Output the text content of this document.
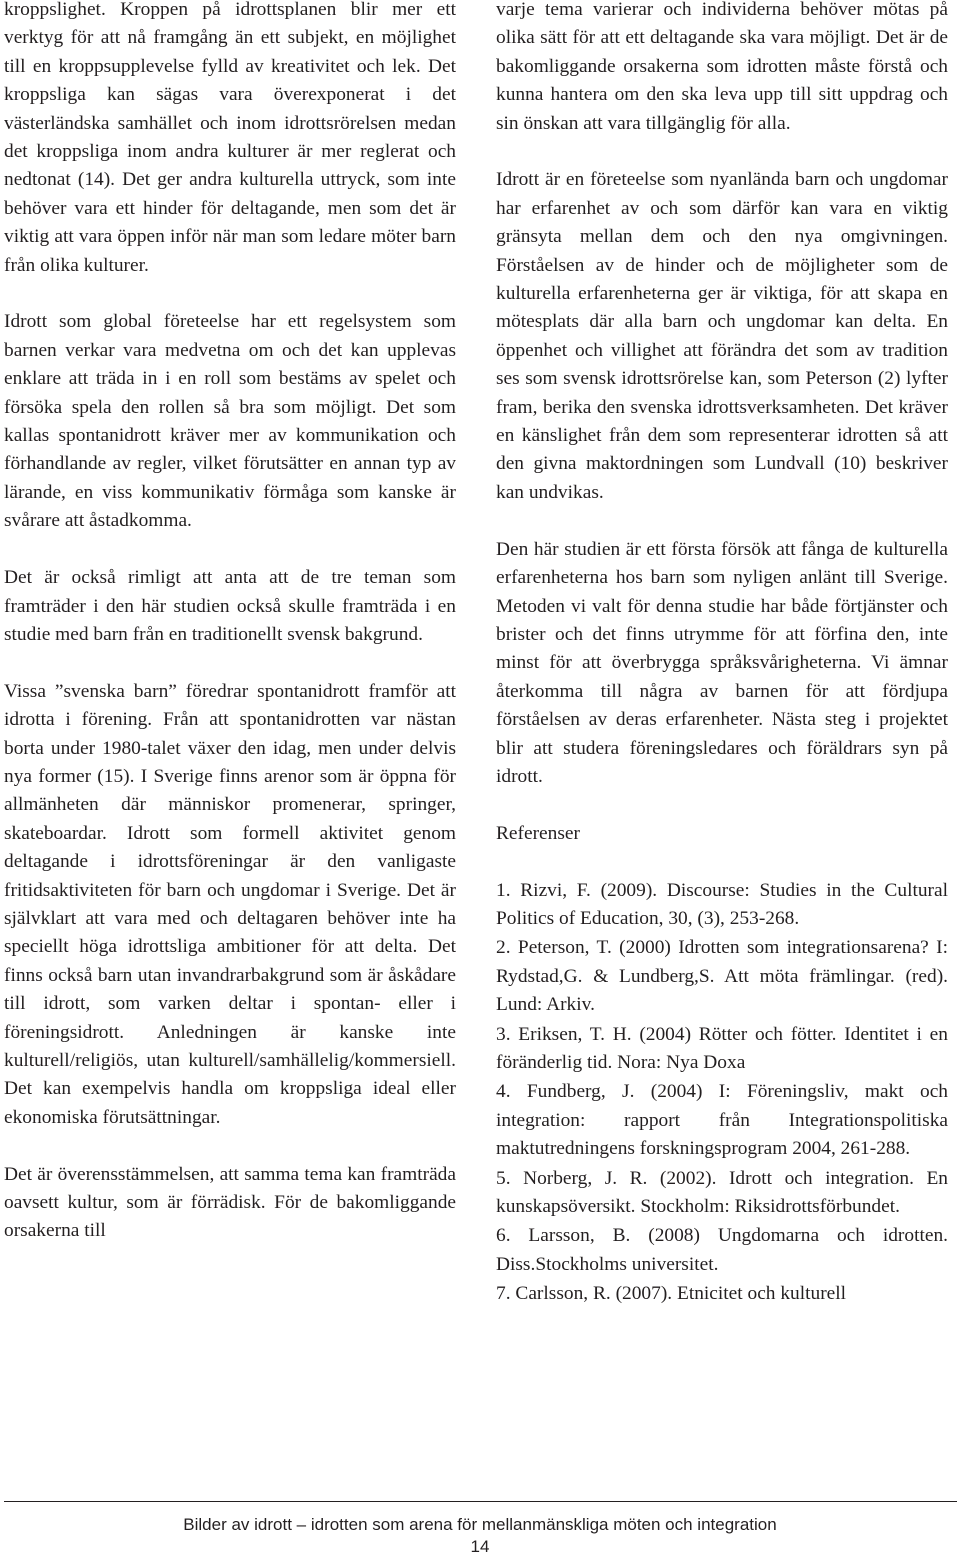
kroppslighet. Kroppen på idrottsplanen blir mer ett verktyg för att nå framgång än ett subjekt, en möjlighet till en kroppsupplevelse fylld av kreativitet och lek. Det kroppsliga kan sägas vara överexponerat i det västerländska samhället och inom idrottsrörelsen medan det kroppsliga inom andra kulturer är mer reglerat och nedtonat (14). Det ger andra kulturella uttryck, som inte behöver vara ett hinder för deltagande, men som det är viktig att vara öppen inför när man som ledare möter barn från olika kulturer.

Idrott som global företeelse har ett regelsystem som barnen verkar vara medvetna om och det kan upplevas enklare att träda in i en roll som bestäms av spelet och försöka spela den rollen så bra som möjligt. Det som kallas spontanidrott kräver mer av kommunikation och förhandlande av regler, vilket förutsätter en annan typ av lärande, en viss kommunikativ förmåga som kanske är svårare att åstadkomma.

Det är också rimligt att anta att de tre teman som framträder i den här studien också skulle framträda i en studie med barn från en traditionellt svensk bakgrund.

Vissa ”svenska barn” föredrar spontanidrott framför att idrotta i förening. Från att spontanidrotten var nästan borta under 1980-talet växer den idag, men under delvis nya former (15). I Sverige finns arenor som är öppna för allmänheten där människor promenerar, springer, skateboardar. Idrott som formell aktivitet genom deltagande i idrottsföreningar är den vanligaste fritidsaktiviteten för barn och ungdomar i Sverige. Det är självklart att vara med och deltagaren behöver inte ha speciellt höga idrottsliga ambitioner för att delta. Det finns också barn utan invandrarbakgrund som är åskådare till idrott, som varken deltar i spontan- eller i föreningsidrott. Anledningen är kanske inte kulturell/religiös, utan kulturell/samhällelig/kommersiell. Det kan exempelvis handla om kroppsliga ideal eller ekonomiska förutsättningar.

Det är överensstämmelsen, att samma tema kan framträda oavsett kultur, som är förrädisk. För de bakomliggande orsakerna till

varje tema varierar och individerna behöver mötas på olika sätt för att ett deltagande ska vara möjligt. Det är de bakomliggande orsakerna som idrotten måste förstå och kunna hantera om den ska leva upp till sitt uppdrag och sin önskan att vara tillgänglig för alla.

Idrott är en företeelse som nyanlända barn och ungdomar har erfarenhet av och som därför kan vara en viktig gränsyta mellan dem och den nya omgivningen. Förståelsen av de hinder och de möjligheter som de kulturella erfarenheterna ger är viktiga, för att skapa en mötesplats där alla barn och ungdomar kan delta. En öppenhet och villighet att förändra det som av tradition ses som svensk idrottsrörelse kan, som Peterson (2) lyfter fram, berika den svenska idrottsverksamheten. Det kräver en känslighet från dem som representerar idrotten så att den givna maktordningen som Lundvall (10) beskriver kan undvikas.

Den här studien är ett första försök att fånga de kulturella erfarenheterna hos barn som nyligen anlänt till Sverige. Metoden vi valt för denna studie har både förtjänster och brister och det finns utrymme för att förfina den, inte minst för att överbrygga språksvårigheterna. Vi ämnar återkomma till några av barnen för att fördjupa förståelsen av deras erfarenheter. Nästa steg i projektet blir att studera föreningsledares och föräldrars syn på idrott.

Referenser

1. Rizvi, F. (2009). Discourse: Studies in the Cultural Politics of Education, 30, (3), 253-268.
2. Peterson, T. (2000) Idrotten som integrationsarena? I: Rydstad,G. & Lundberg,S. Att möta främlingar. (red). Lund: Arkiv.
3. Eriksen, T. H. (2004) Rötter och fötter. Identitet i en föränderlig tid. Nora: Nya Doxa
4. Fundberg, J. (2004) I: Föreningsliv, makt och integration: rapport från Integrationspolitiska maktutredningens forskningsprogram 2004, 261-288.
5. Norberg, J. R. (2002). Idrott och integration. En kunskapsöversikt. Stockholm: Riksidrottsförbundet.
6. Larsson, B. (2008) Ungdomarna och idrotten. Diss.Stockholms universitet.
7. Carlsson, R. (2007). Etnicitet och kulturell
Bilder av idrott – idrotten som arena för mellanmänskliga möten och integration
14
